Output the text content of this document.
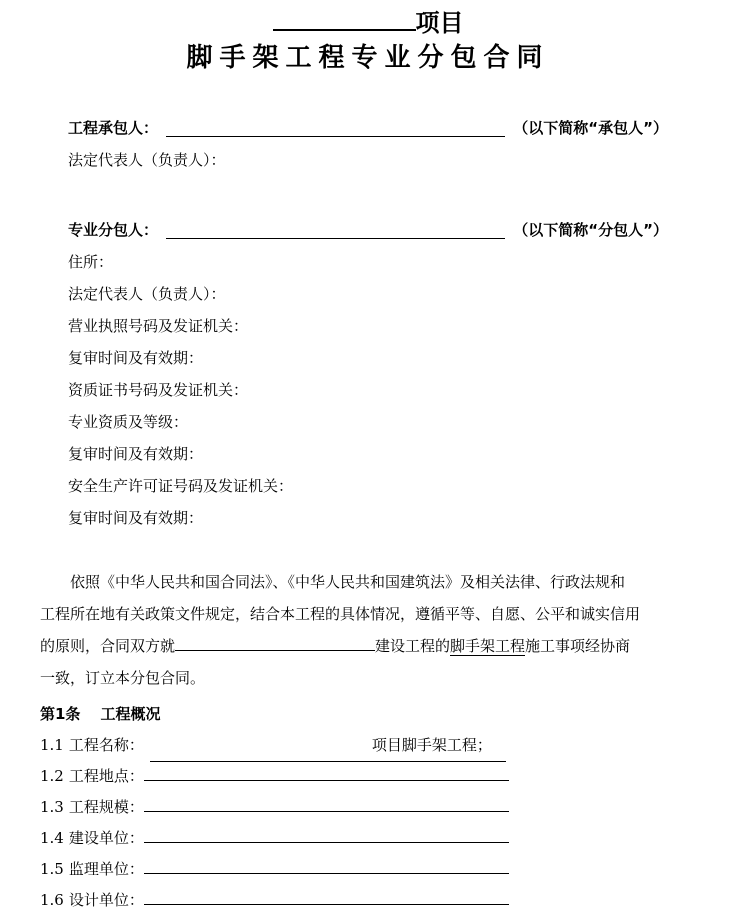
项目
脚手架工程专业分包合同
工程承包人：	（以下简称“承包人”）
法定代表人（负责人）：
专业分包人：	（以下简称“分包人”）
住所：
法定代表人（负责人）：
营业执照号码及发证机关：
复审时间及有效期：
资质证书号码及发证机关：
专业资质及等级：
复审时间及有效期：
安全生产许可证号码及发证机关：
复审时间及有效期：
依照《中华人民共和国合同法》、《中华人民共和国建筑法》及相关法律、行政法规和
工程所在地有关政策文件规定，结合本工程的具体情况，遵循平等、自愿、公平和诚实信用
的原则，合同双方就	建设工程的脚手架工程施工事项经协商
一致，订立本分包合同。
第1条 工程概况
1.1 工程名称：	项目脚手架工程；
1.2 工程地点：
1.3 工程规模：
1.4 建设单位：
1.5 监理单位：
1.6 设计单位：
